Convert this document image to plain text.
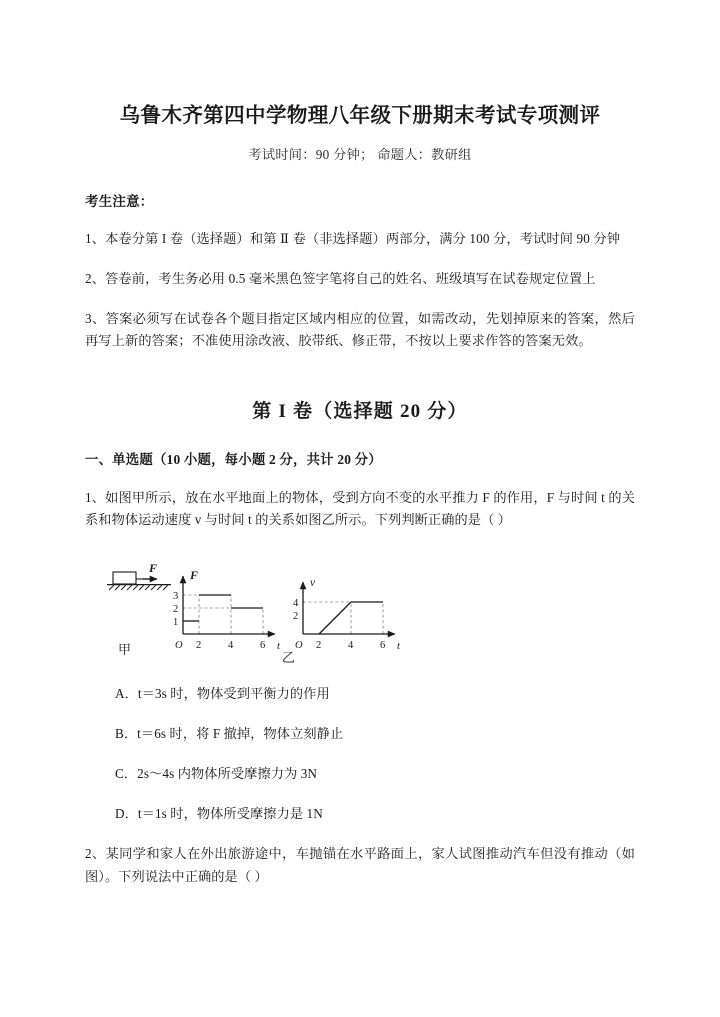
乌鲁木齐第四中学物理八年级下册期末考试专项测评
考试时间：90 分钟； 命题人：教研组
考生注意：

1、本卷分第 I 卷（选择题）和第 Ⅱ 卷（非选择题）两部分，满分 100 分，考试时间 90 分钟

2、答卷前，考生务必用 0.5 毫米黑色签字笔将自己的姓名、班级填写在试卷规定位置上

3、答案必须写在试卷各个题目指定区域内相应的位置，如需改动，先划掉原来的答案，然后再写上新的答案；不准使用涂改液、胶带纸、修正带，不按以上要求作答的答案无效。

第 I 卷（选择题 20 分）
一、单选题（10 小题，每小题 2 分，共计 20 分）

1、如图甲所示，放在水平地面上的物体，受到方向不变的水平推力 F 的作用，F 与时间 t 的关系和物体运动速度 v 与时间 t 的关系如图乙所示。下列判断正确的是（ ）

F
甲
1
2
3
O 2	4	6 t
F
2
4
O 2	4	6 t
v
乙
A．t＝3s 时，物体受到平衡力的作用
B．t＝6s 时，将 F 撤掉，物体立刻静止
C．2s～4s 内物体所受摩擦力为 3N
D．t＝1s 时，物体所受摩擦力是 1N

2、某同学和家人在外出旅游途中，车抛锚在水平路面上，家人试图推动汽车但没有推动（如图）。下列说法中正确的是（ ）
